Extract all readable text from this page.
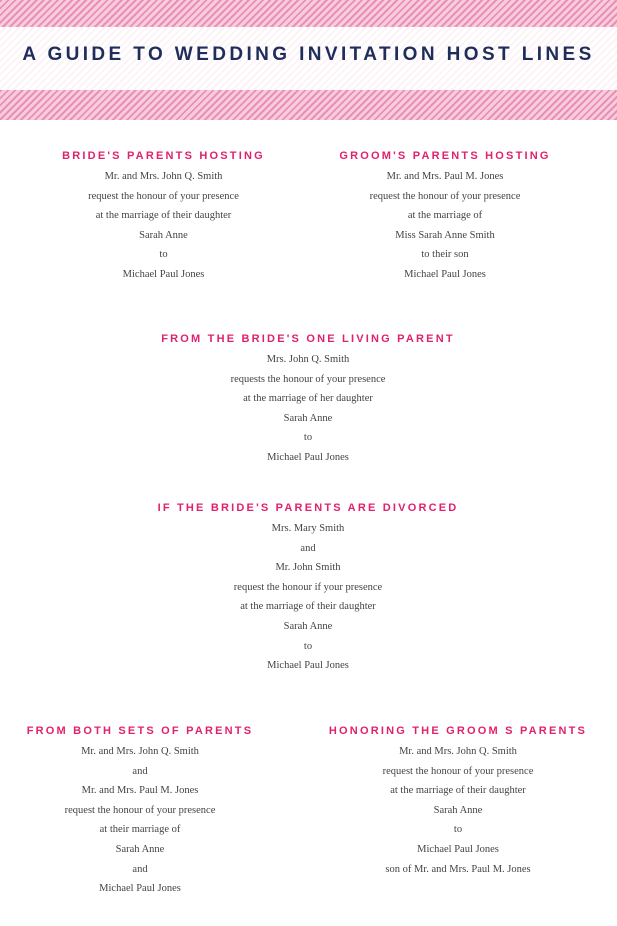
A GUIDE TO WEDDING INVITATION HOST LINES
BRIDE'S PARENTS HOSTING
Mr. and Mrs. John Q. Smith
request the honour of your presence
at the marriage of their daughter
Sarah Anne
to
Michael Paul Jones
GROOM'S PARENTS HOSTING
Mr. and Mrs. Paul M. Jones
request the honour of your presence
at the marriage of
Miss Sarah Anne Smith
to their son
Michael Paul Jones
FROM THE BRIDE'S ONE LIVING PARENT
Mrs. John Q. Smith
requests the honour of your presence
at the marriage of her daughter
Sarah Anne
to
Michael Paul Jones
IF THE BRIDE'S PARENTS ARE DIVORCED
Mrs. Mary Smith
and
Mr. John Smith
request the honour if your presence
at the marriage of their daughter
Sarah Anne
to
Michael Paul Jones
FROM BOTH SETS OF PARENTS
Mr. and Mrs. John Q. Smith
and
Mr. and Mrs. Paul M. Jones
request the honour of your presence
at their marriage of
Sarah Anne
and
Michael Paul Jones
HONORING THE GROOM S PARENTS
Mr. and Mrs. John Q. Smith
request the honour of your presence
at the marriage of their daughter
Sarah Anne
to
Michael Paul Jones
son of Mr. and Mrs. Paul M. Jones
